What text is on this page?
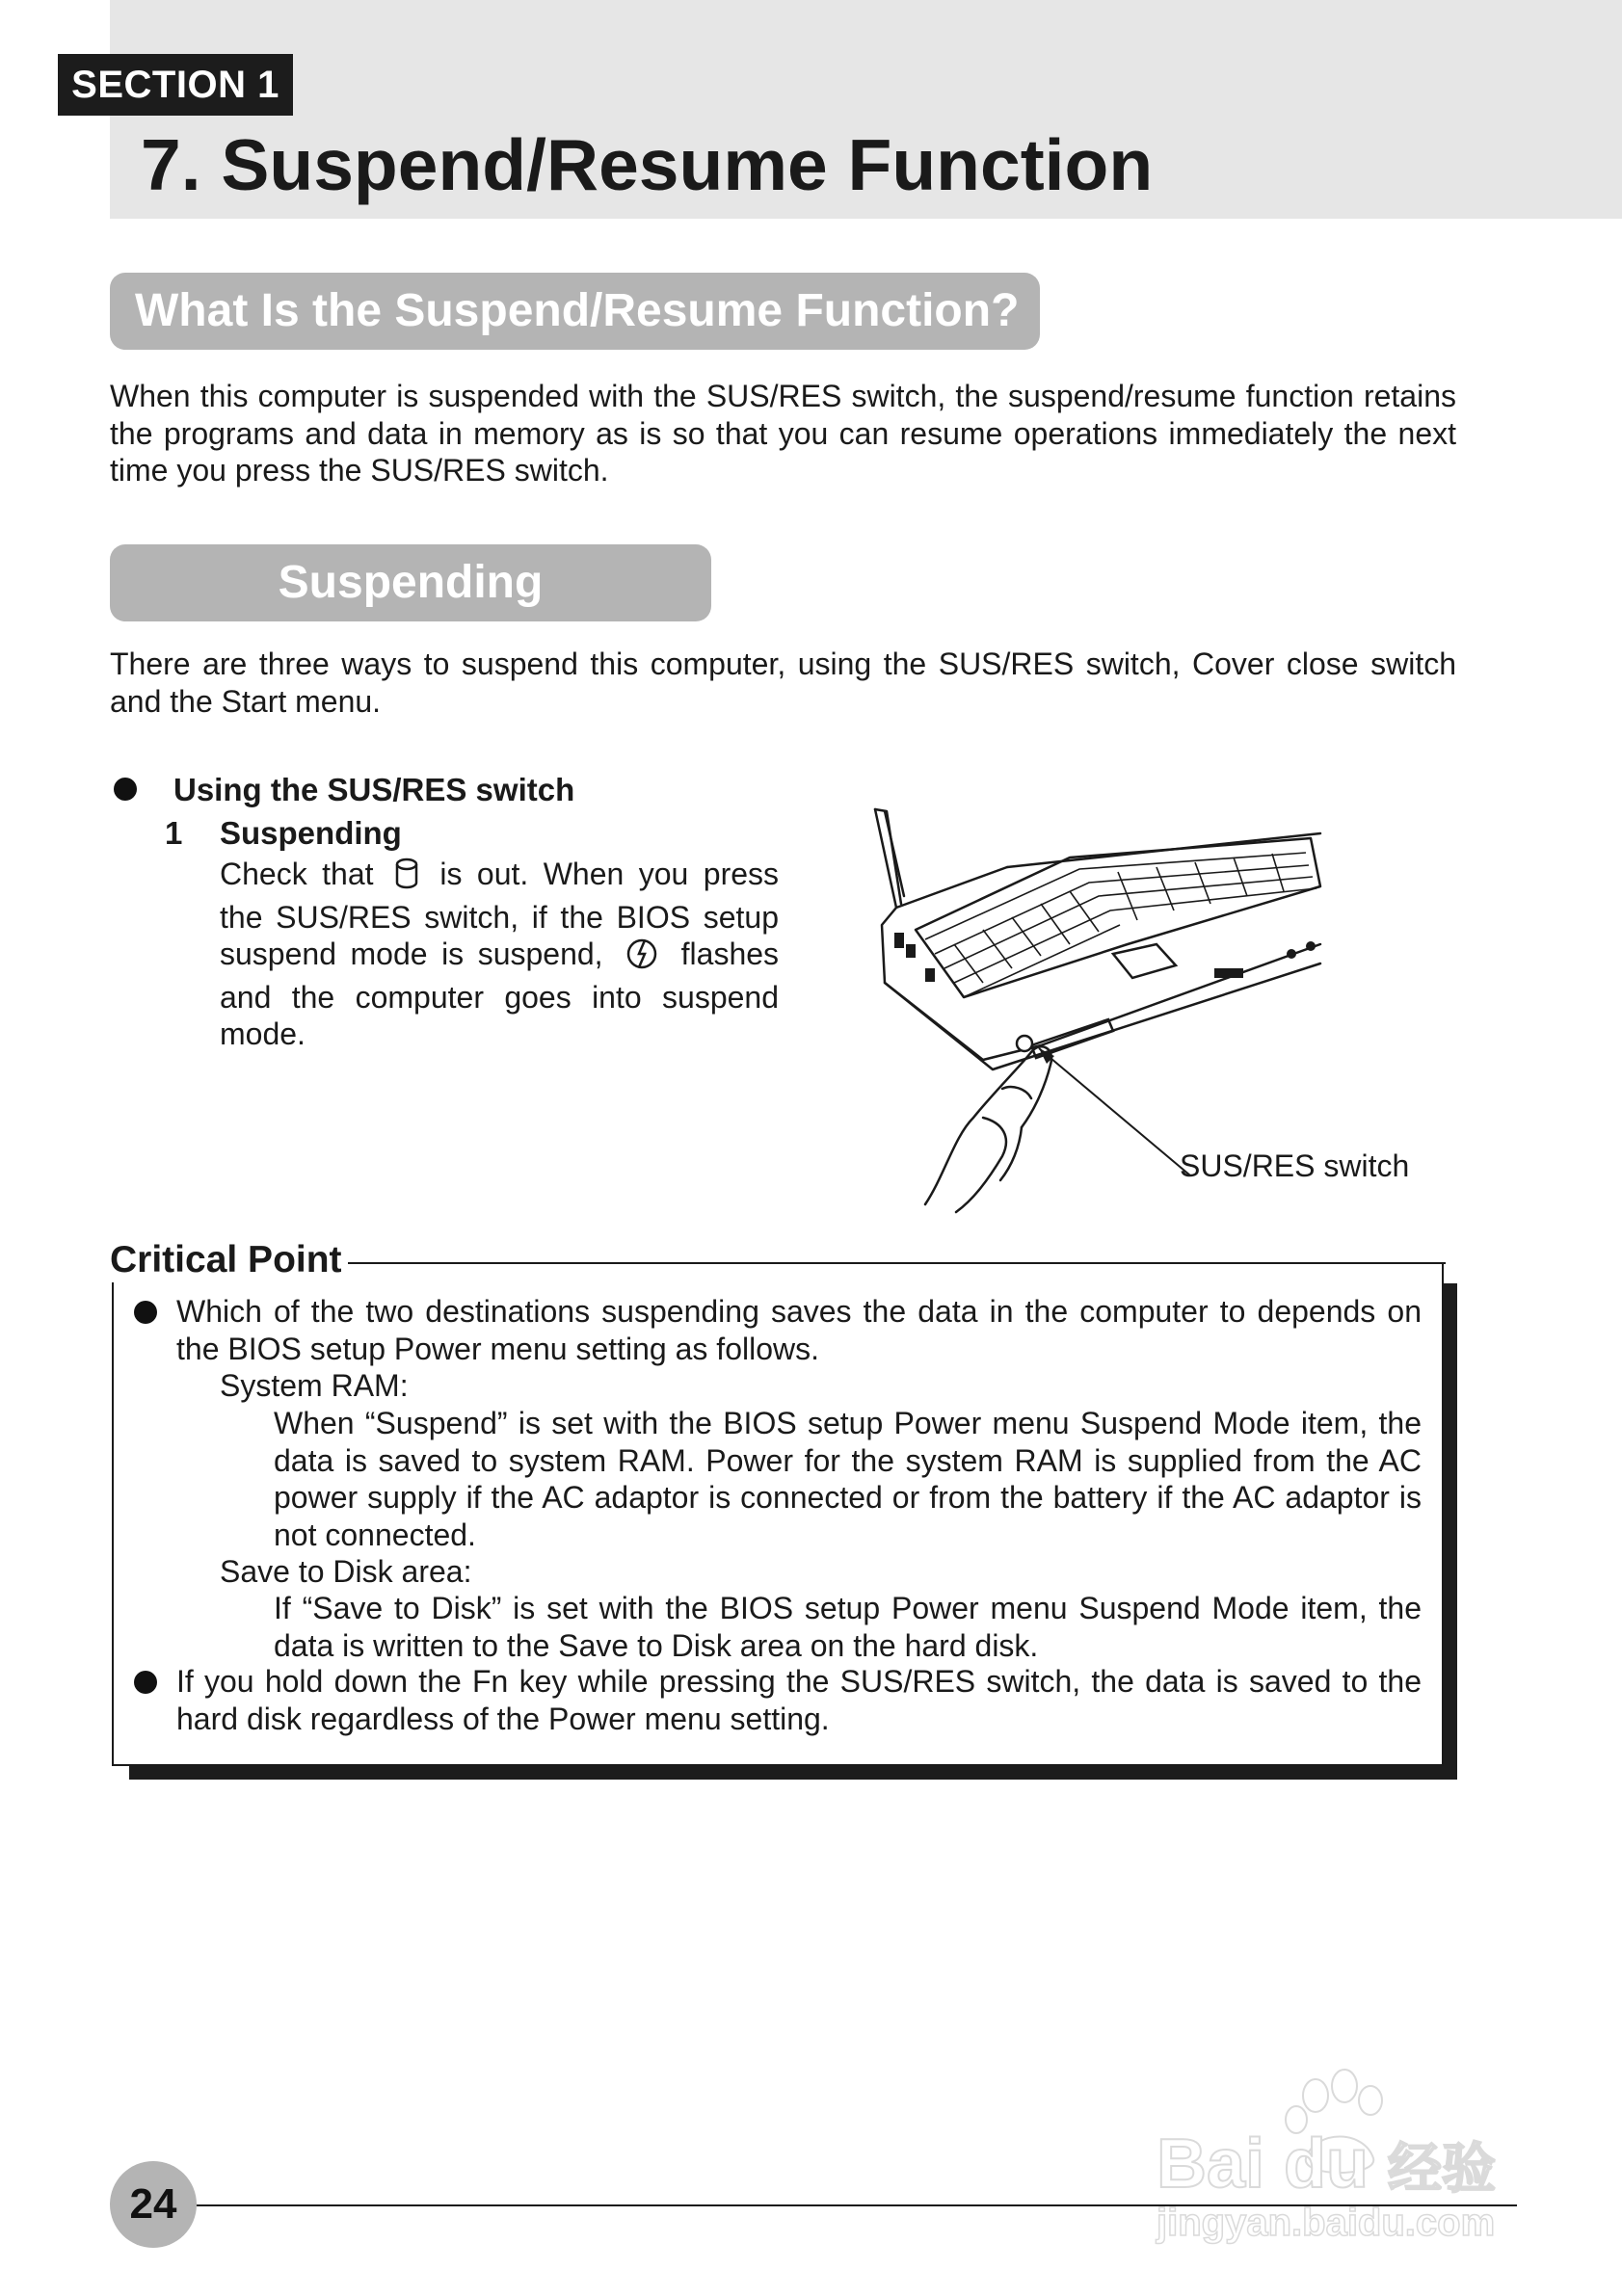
SECTION 1
7. Suspend/Resume Function
What Is the Suspend/Resume Function?
When this computer is suspended with the SUS/RES switch, the suspend/resume function retains the programs and data in memory as is so that you can resume operations immediately the next time you press the SUS/RES switch.
Suspending
There are three ways to suspend this computer, using the SUS/RES switch, Cover close switch and the Start menu.
Using the SUS/RES switch
1 Suspending
Check that is out. When you press the SUS/RES switch, if the BIOS setup suspend mode is suspend,	flashes and the computer goes into suspend mode.
SUS/RES switch
Critical Point
Which of the two destinations suspending saves the data in the computer to depends on the BIOS setup Power menu setting as follows.
System RAM:
When “Suspend” is set with the BIOS setup Power menu Suspend Mode item, the data is saved to system RAM. Power for the system RAM is supplied from the AC power supply if the AC adaptor is connected or from the battery if the AC adaptor is not connected.
Save to Disk area:
If “Save to Disk” is set with the BIOS setup Power menu Suspend Mode item, the data is written to the Save to Disk area on the hard disk.
If you hold down the Fn key while pressing the SUS/RES switch, the data is saved to the hard disk regardless of the Power menu setting.
24
Bai du 经验
jingyan.baidu.com
